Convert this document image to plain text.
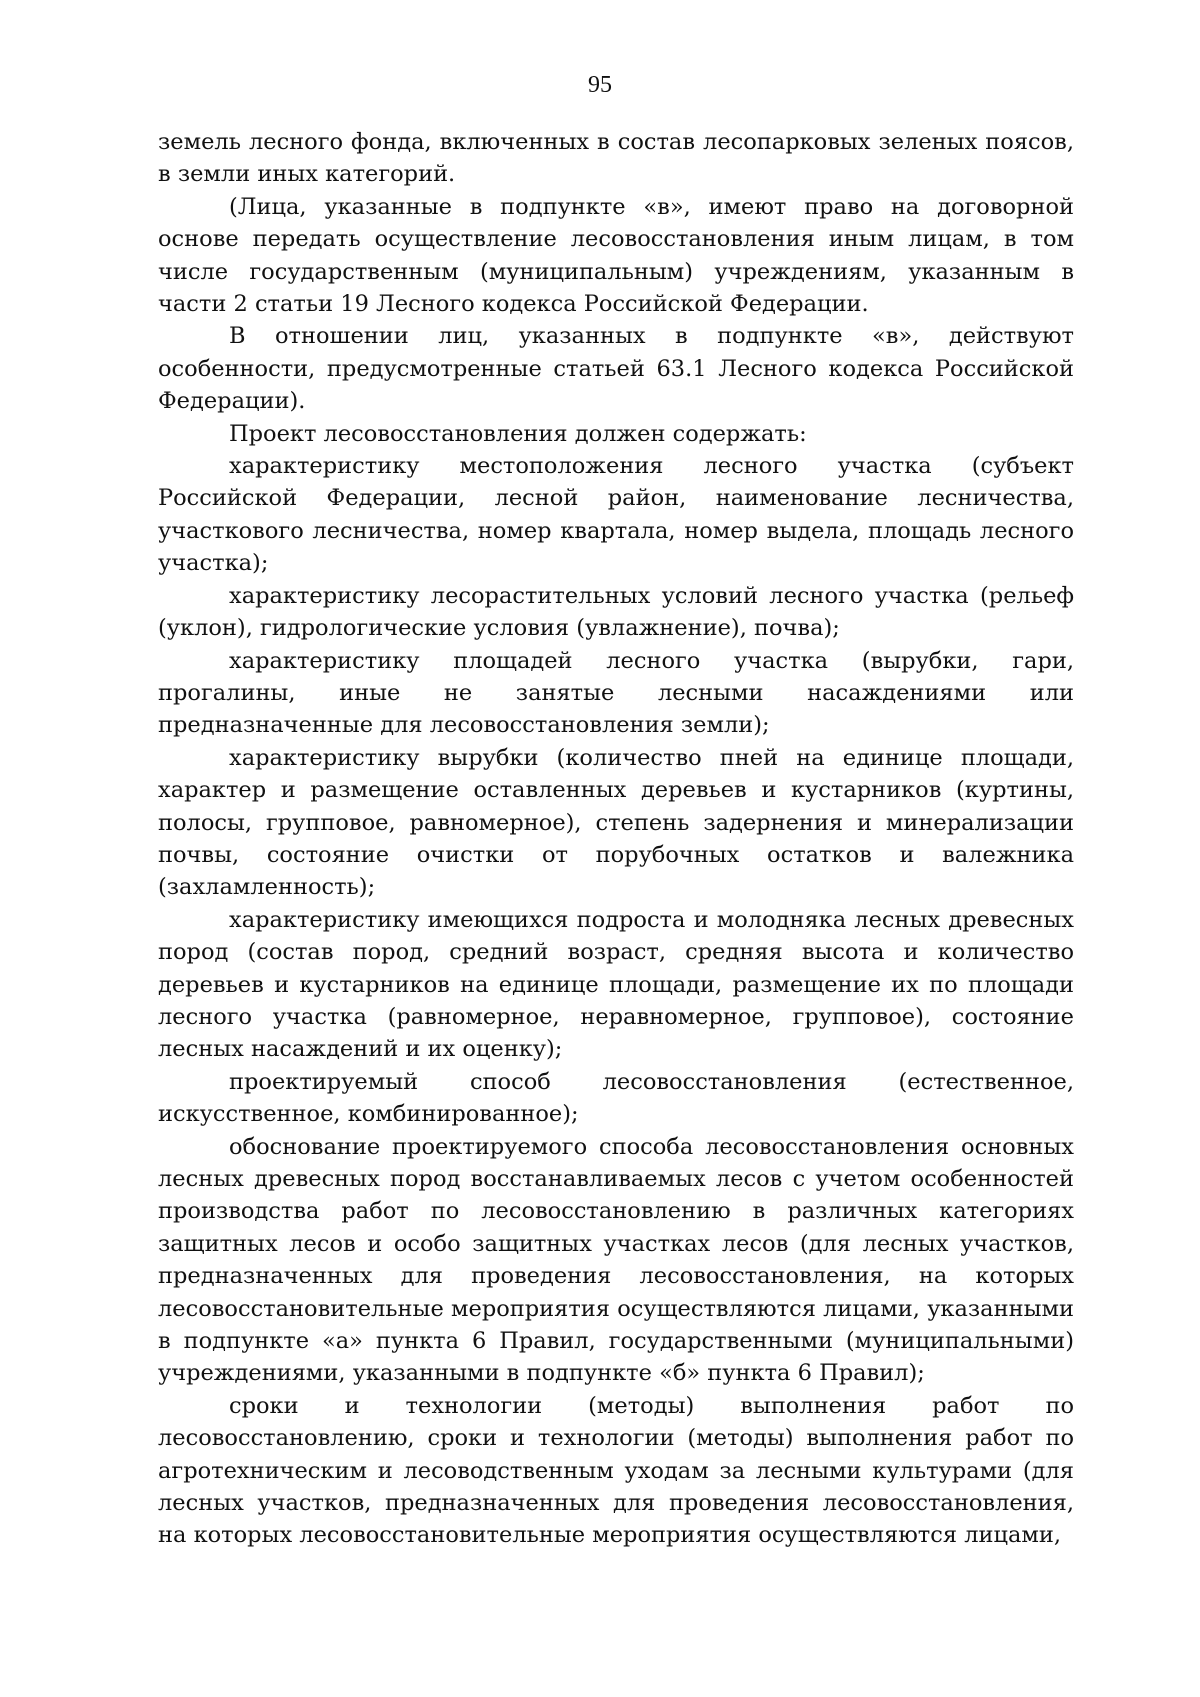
95

земель лесного фонда, включенных в состав лесопарковых зеленых поясов, в земли иных категорий.

(Лица, указанные в подпункте «в», имеют право на договорной основе передать осуществление лесовосстановления иным лицам, в том числе государственным (муниципальным) учреждениям, указанным в части 2 статьи 19 Лесного кодекса Российской Федерации.

В отношении лиц, указанных в подпункте «в», действуют особенности, предусмотренные статьей 63.1 Лесного кодекса Российской Федерации).

Проект лесовосстановления должен содержать:

характеристику местоположения лесного участка (субъект Российской Федерации, лесной район, наименование лесничества, участкового лесничества, номер квартала, номер выдела, площадь лесного участка);

характеристику лесорастительных условий лесного участка (рельеф (уклон), гидрологические условия (увлажнение), почва);

характеристику площадей лесного участка (вырубки, гари, прогалины, иные не занятые лесными насаждениями или предназначенные для лесовосстановления земли);

характеристику вырубки (количество пней на единице площади, характер и размещение оставленных деревьев и кустарников (куртины, полосы, групповое, равномерное), степень задернения и минерализации почвы, состояние очистки от порубочных остатков и валежника (захламленность);

характеристику имеющихся подроста и молодняка лесных древесных пород (состав пород, средний возраст, средняя высота и количество деревьев и кустарников на единице площади, размещение их по площади лесного участка (равномерное, неравномерное, групповое), состояние лесных насаждений и их оценку);

проектируемый способ лесовосстановления (естественное, искусственное, комбинированное);

обоснование проектируемого способа лесовосстановления основных лесных древесных пород восстанавливаемых лесов с учетом особенностей производства работ по лесовосстановлению в различных категориях защитных лесов и особо защитных участках лесов (для лесных участков, предназначенных для проведения лесовосстановления, на которых лесовосстановительные мероприятия осуществляются лицами, указанными в подпункте «а» пункта 6 Правил, государственными (муниципальными) учреждениями, указанными в подпункте «б» пункта 6 Правил);

сроки и технологии (методы) выполнения работ по лесовосстановлению, сроки и технологии (методы) выполнения работ по агротехническим и лесоводственным уходам за лесными культурами (для лесных участков, предназначенных для проведения лесовосстановления, на которых лесовосстановительные мероприятия осуществляются лицами,
